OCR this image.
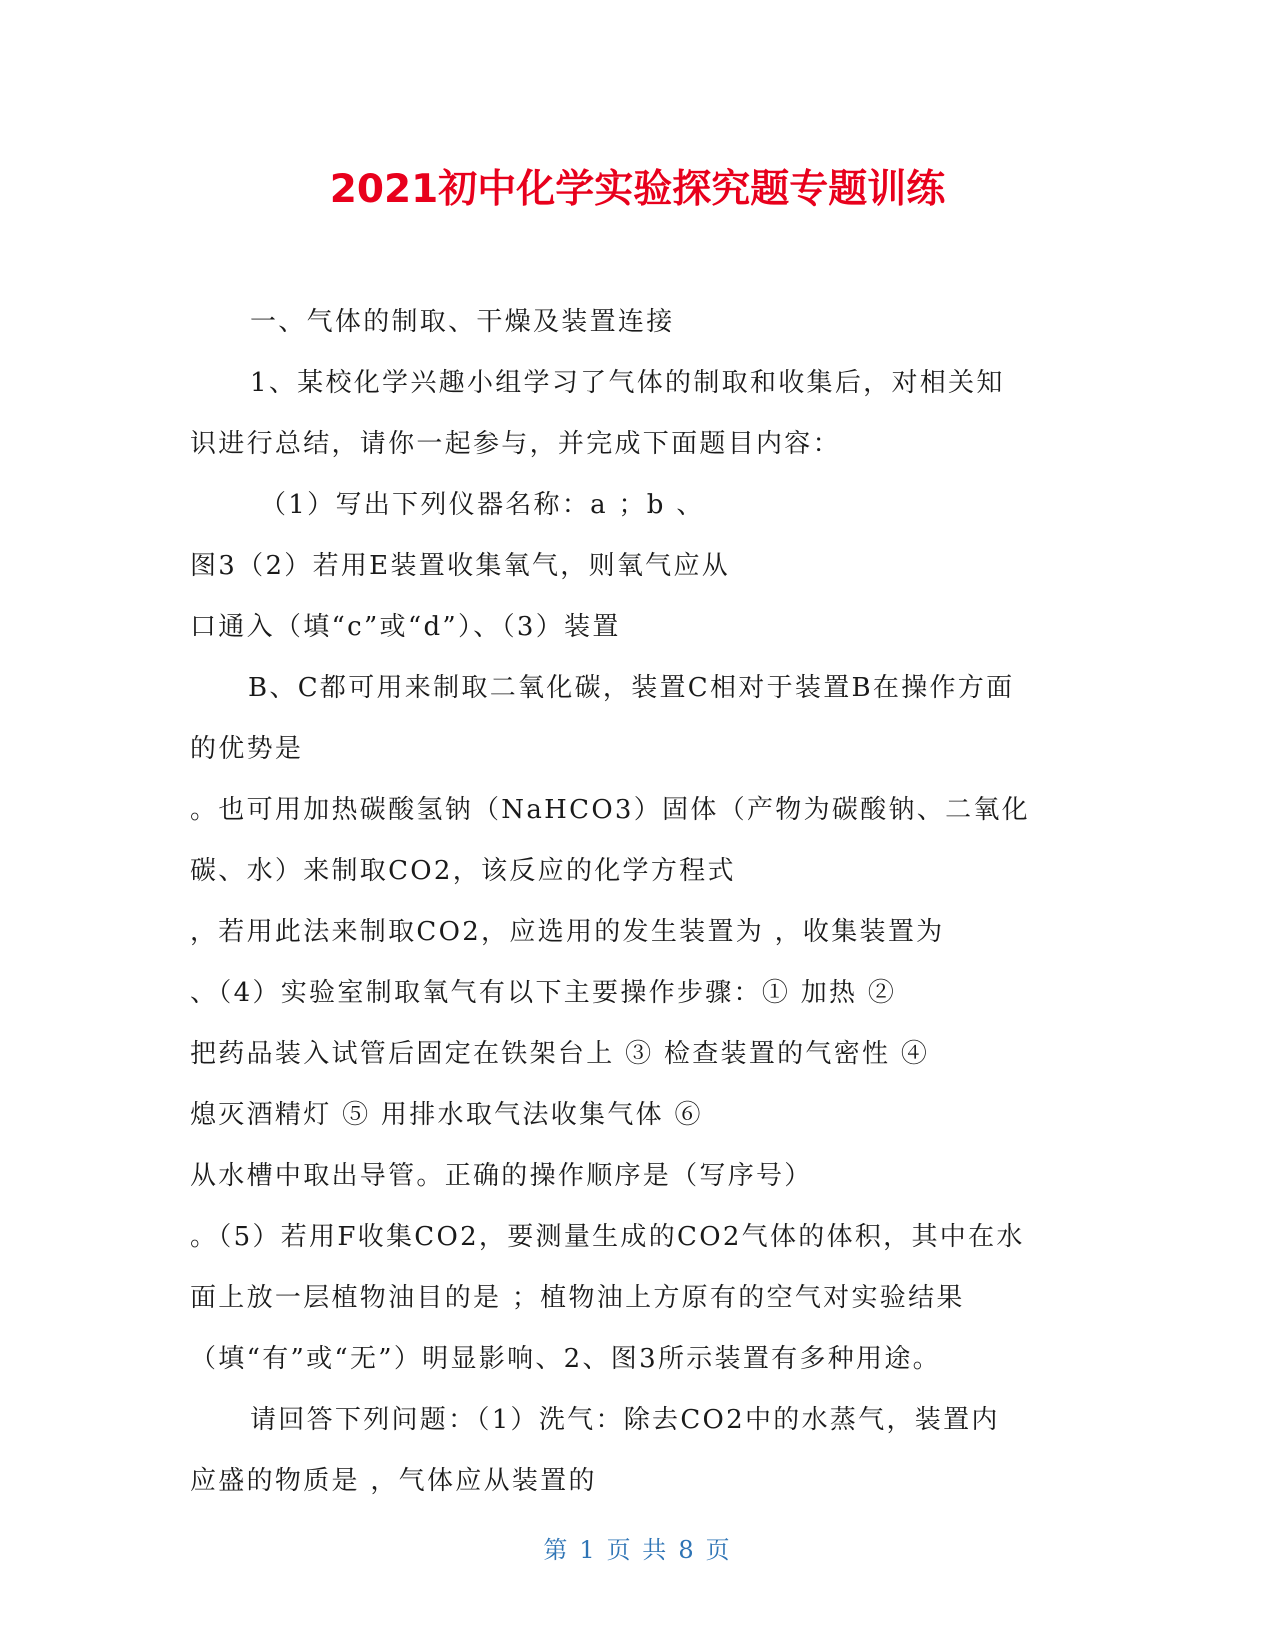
2021初中化学实验探究题专题训练
一、气体的制取、干燥及装置连接
1、某校化学兴趣小组学习了气体的制取和收集后，对相关知
识进行总结，请你一起参与，并完成下面题目内容：
（1）写出下列仪器名称：a ；b 、
图3（2）若用E装置收集氧气，则氧气应从
口通入（填“c”或“d”）、（3）装置
B、C都可用来制取二氧化碳，装置C相对于装置B在操作方面
的优势是
。也可用加热碳酸氢钠（NaHCO3）固体（产物为碳酸钠、二氧化
碳、水）来制取CO2，该反应的化学方程式
，若用此法来制取CO2，应选用的发生装置为 ，收集装置为
、（4）实验室制取氧气有以下主要操作步骤：① 加热 ②
把药品装入试管后固定在铁架台上 ③ 检查装置的气密性 ④
熄灭酒精灯 ⑤ 用排水取气法收集气体 ⑥
从水槽中取出导管。正确的操作顺序是（写序号）
。（5）若用F收集CO2，要测量生成的CO2气体的体积，其中在水
面上放一层植物油目的是 ；植物油上方原有的空气对实验结果
（填“有”或“无”）明显影响、2、图3所示装置有多种用途。
请回答下列问题：（1）洗气：除去CO2中的水蒸气，装置内
应盛的物质是 ，气体应从装置的
第 1 页 共 8 页
